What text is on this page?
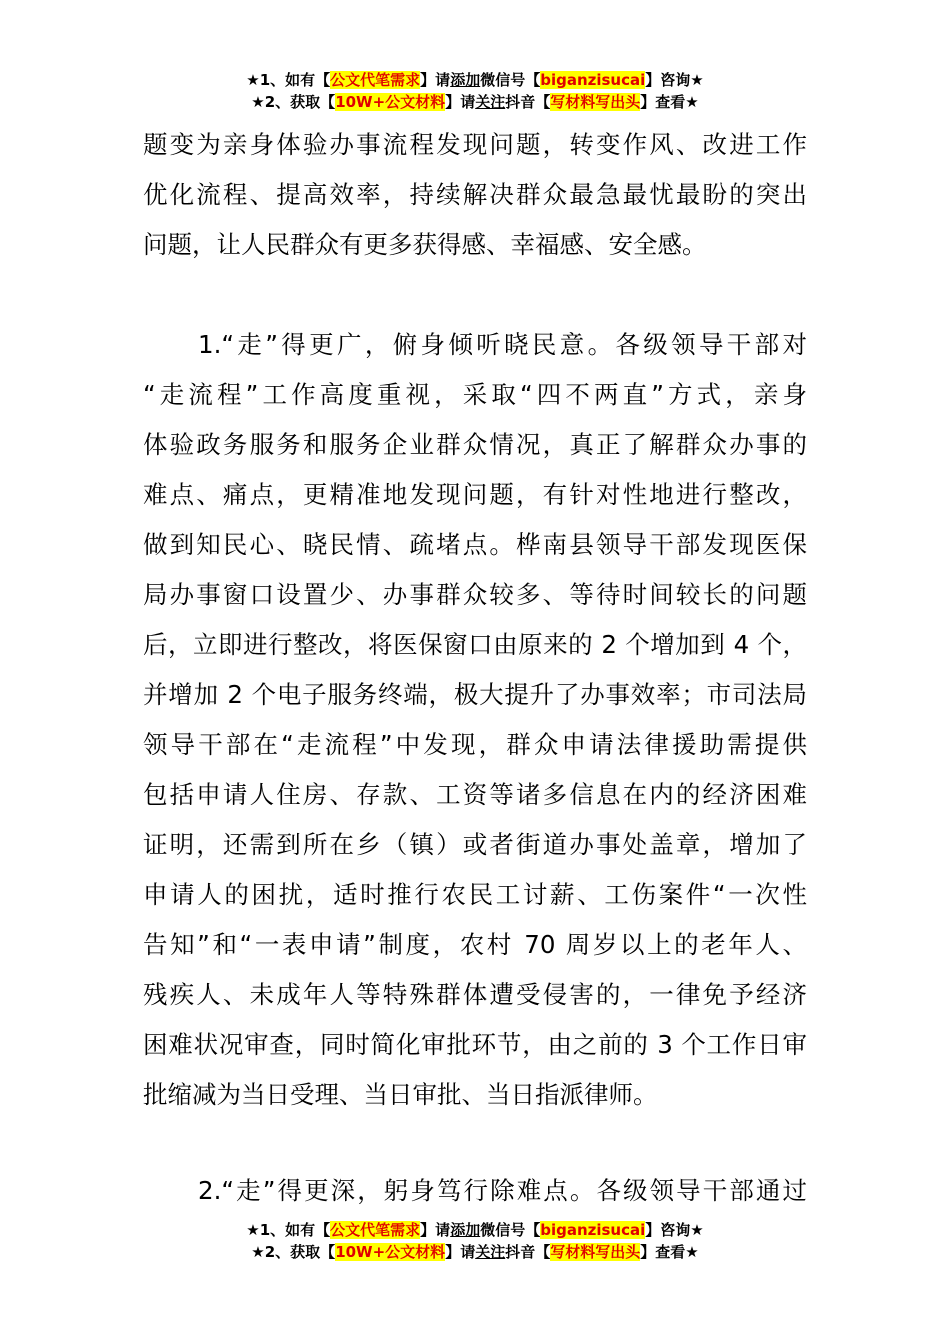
★1、如有【公文代笔需求】请添加微信号【biganzisucai】咨询★
★2、获取【10W+公文材料】请关注抖音【写材料写出头】查看★
题变为亲身体验办事流程发现问题，转变作风、改进工作
优化流程、提高效率，持续解决群众最急最忧最盼的突出
问题，让人民群众有更多获得感、幸福感、安全感。
1.“走”得更广，俯身倾听晓民意。各级领导干部对
“走流程”工作高度重视，采取“四不两直”方式，亲身
体验政务服务和服务企业群众情况，真正了解群众办事的
难点、痛点，更精准地发现问题，有针对性地进行整改，
做到知民心、晓民情、疏堵点。桦南县领导干部发现医保
局办事窗口设置少、办事群众较多、等待时间较长的问题
后，立即进行整改，将医保窗口由原来的 2 个增加到 4 个，
并增加 2 个电子服务终端，极大提升了办事效率；市司法局
领导干部在“走流程”中发现，群众申请法律援助需提供
包括申请人住房、存款、工资等诸多信息在内的经济困难
证明，还需到所在乡（镇）或者街道办事处盖章，增加了
申请人的困扰，适时推行农民工讨薪、工伤案件“一次性
告知”和“一表申请”制度，农村 70 周岁以上的老年人、
残疾人、未成年人等特殊群体遭受侵害的，一律免予经济
困难状况审查，同时简化审批环节，由之前的 3 个工作日审
批缩减为当日受理、当日审批、当日指派律师。
2.“走”得更深，躬身笃行除难点。各级领导干部通过
★1、如有【公文代笔需求】请添加微信号【biganzisucai】咨询★
★2、获取【10W+公文材料】请关注抖音【写材料写出头】查看★
